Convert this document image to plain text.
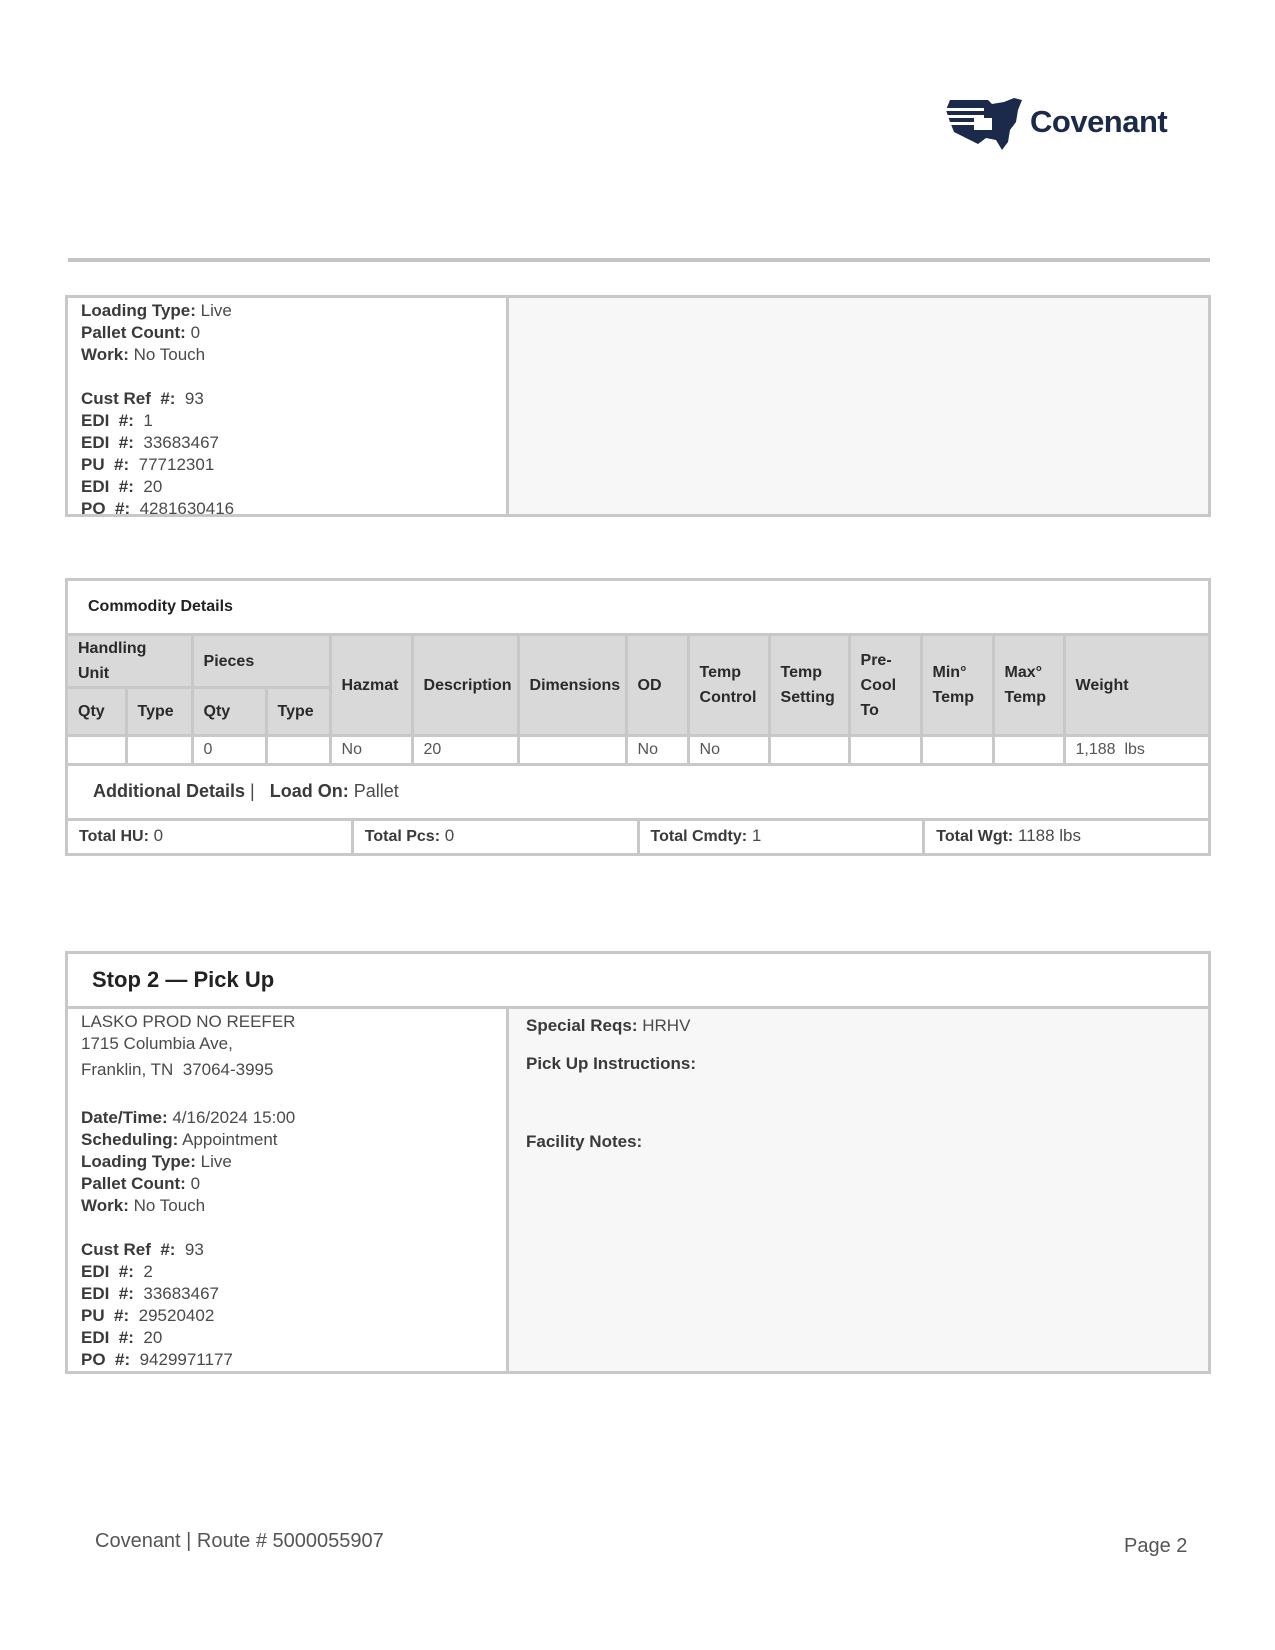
Covenant
Loading Type: Live
Pallet Count: 0
Work: No Touch
Cust Ref  #: 93
EDI  #: 1
EDI  #: 33683467
PU  #: 77712301
EDI  #: 20
PO  #: 4281630416
Commodity Details
Handling Unit		Pieces		Hazmat	Description	Dimensions	OD	Temp Control	Temp Setting	Pre-Cool To	Min° Temp	Max° Temp	Weight
Qty	Type	Qty	Type										
		0		No	20		No	No					1,188  lbs
Additional Details |   Load On: Pallet
Total HU: 0	Total Pcs: 0	Total Cmdty: 1	Total Wgt: 1188 lbs
Stop 2 — Pick Up
LASKO PROD NO REEFER
1715 Columbia Ave,
Franklin, TN  37064-3995
Date/Time: 4/16/2024 15:00
Scheduling: Appointment
Loading Type: Live
Pallet Count: 0
Work: No Touch
Cust Ref  #: 93
EDI  #: 2
EDI  #: 33683467
PU  #: 29520402
EDI  #: 20
PO  #: 9429971177
Special Reqs: HRHV
Pick Up Instructions:
Facility Notes:
Covenant | Route # 5000055907	Page 2
